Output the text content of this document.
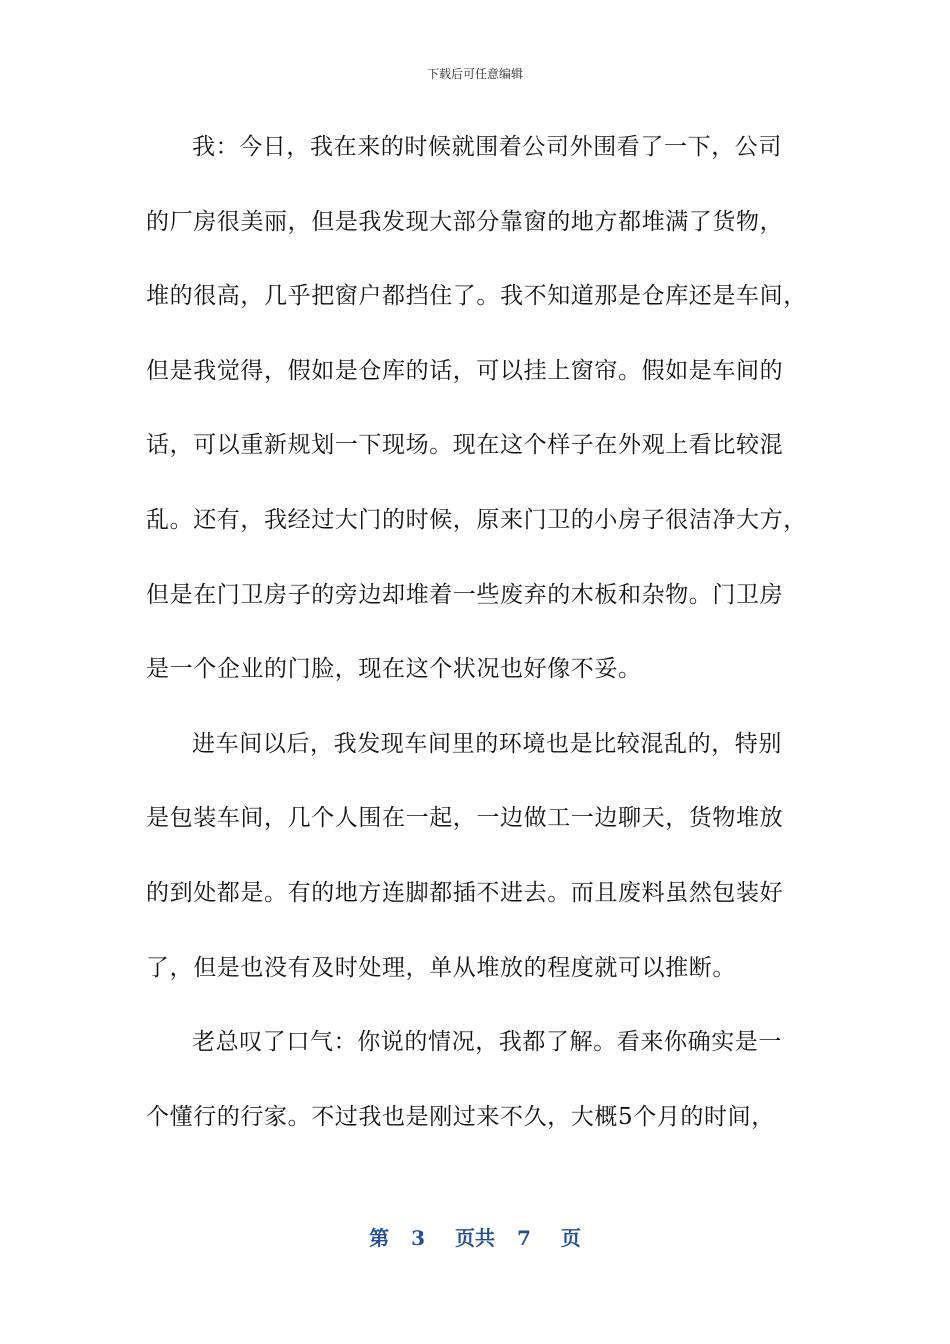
下载后可任意编辑
我：今日，我在来的时候就围着公司外围看了一下，公司
的厂房很美丽，但是我发现大部分靠窗的地方都堆满了货物，
堆的很高，几乎把窗户都挡住了。我不知道那是仓库还是车间，
但是我觉得，假如是仓库的话，可以挂上窗帘。假如是车间的
话，可以重新规划一下现场。现在这个样子在外观上看比较混
乱。还有，我经过大门的时候，原来门卫的小房子很洁净大方，
但是在门卫房子的旁边却堆着一些废弃的木板和杂物。门卫房
是一个企业的门脸，现在这个状况也好像不妥。
进车间以后，我发现车间里的环境也是比较混乱的，特别
是包装车间，几个人围在一起，一边做工一边聊天，货物堆放
的到处都是。有的地方连脚都插不进去。而且废料虽然包装好
了，但是也没有及时处理，单从堆放的程度就可以推断。
老总叹了口气：你说的情况，我都了解。看来你确实是一
个懂行的行家。不过我也是刚过来不久，大概5个月的时间，
第 3 页共 7 页
